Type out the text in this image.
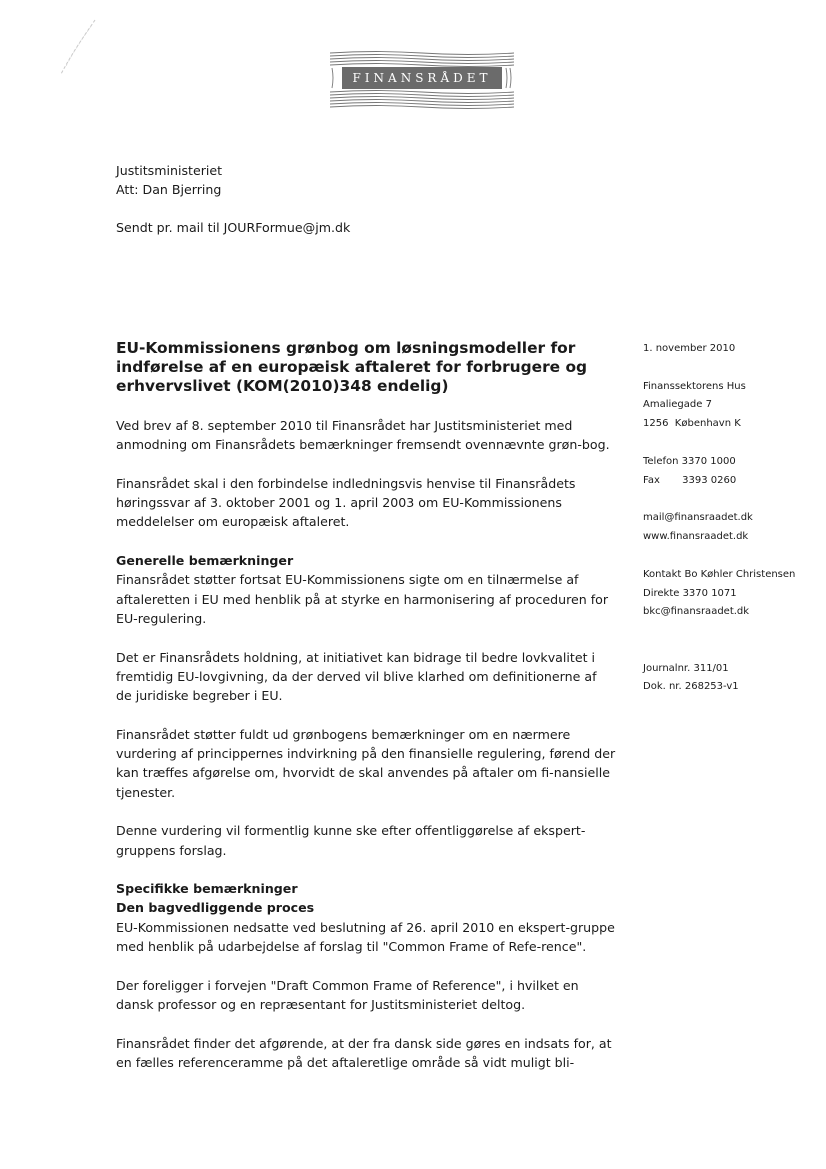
FINANSRÅDET
Justitsministeriet
Att: Dan Bjerring
Sendt pr. mail til JOURFormue@jm.dk
EU-Kommissionens grønbog om løsningsmodeller for indførelse af en europæisk aftaleret for forbrugere og erhvervslivet (KOM(2010)348 endelig)
1. november 2010
Finanssektorens Hus
Amaliegade 7
1256  København K
Telefon 3370 1000
Fax       3393 0260
mail@finansraadet.dk
www.finansraadet.dk
Kontakt Bo Køhler Christensen
Direkte 3370 1071
bkc@finansraadet.dk
Journalnr. 311/01
Dok. nr. 268253-v1

Ved brev af 8. september 2010 til Finansrådet har Justitsministeriet med anmodning om Finansrådets bemærkninger fremsendt ovennævnte grøn-bog.

Finansrådet skal i den forbindelse indledningsvis henvise til Finansrådets høringssvar af 3. oktober 2001 og 1. april 2003 om EU-Kommissionens meddelelser om europæisk aftaleret.

Generelle bemærkninger

Finansrådet støtter fortsat EU-Kommissionens sigte om en tilnærmelse af aftaleretten i EU med henblik på at styrke en harmonisering af proceduren for EU-regulering.

Det er Finansrådets holdning, at initiativet kan bidrage til bedre lovkvalitet i fremtidig EU-lovgivning, da der derved vil blive klarhed om definitionerne af de juridiske begreber i EU.

Finansrådet støtter fuldt ud grønbogens bemærkninger om en nærmere vurdering af princippernes indvirkning på den finansielle regulering, førend der kan træffes afgørelse om, hvorvidt de skal anvendes på aftaler om fi-nansielle tjenester.

Denne vurdering vil formentlig kunne ske efter offentliggørelse af ekspert-gruppens forslag.

Specifikke bemærkninger
Den bagvedliggende proces

EU-Kommissionen nedsatte ved beslutning af 26. april 2010 en ekspert-gruppe med henblik på udarbejdelse af forslag til "Common Frame of Refe-rence".

Der foreligger i forvejen "Draft Common Frame of Reference", i hvilket en dansk professor og en repræsentant for Justitsministeriet deltog.

Finansrådet finder det afgørende, at der fra dansk side gøres en indsats for, at en fælles referenceramme på det aftaleretlige område så vidt muligt bli-
